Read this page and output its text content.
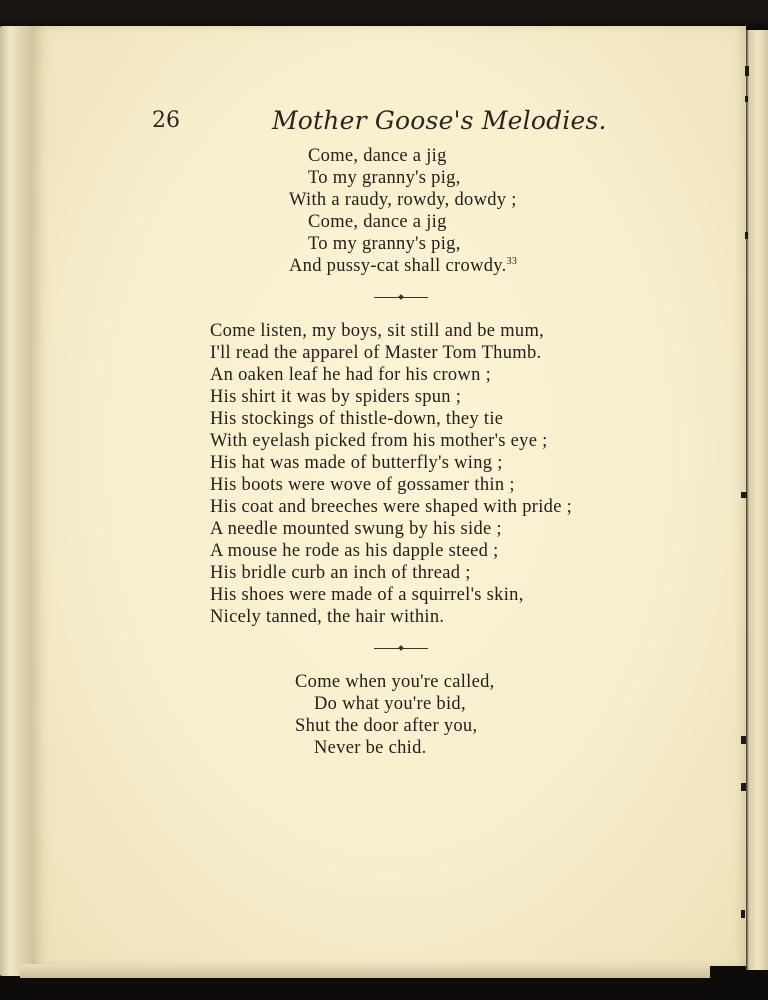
26	Mother Goose's Melodies.
Come, dance a jig
To my granny's pig,
With a raudy, rowdy, dowdy ;
Come, dance a jig
To my granny's pig,
And pussy-cat shall crowdy.$^{33}$
Come listen, my boys, sit still and be mum,
I'll read the apparel of Master Tom Thumb.
An oaken leaf he had for his crown ;
His shirt it was by spiders spun ;
His stockings of thistle-down, they tie
With eyelash picked from his mother's eye ;
His hat was made of butterfly's wing ;
His boots were wove of gossamer thin ;
His coat and breeches were shaped with pride ;
A needle mounted swung by his side ;
A mouse he rode as his dapple steed ;
His bridle curb an inch of thread ;
His shoes were made of a squirrel's skin,
Nicely tanned, the hair within.
Come when you're called,
Do what you're bid,
Shut the door after you,
Never be chid.
